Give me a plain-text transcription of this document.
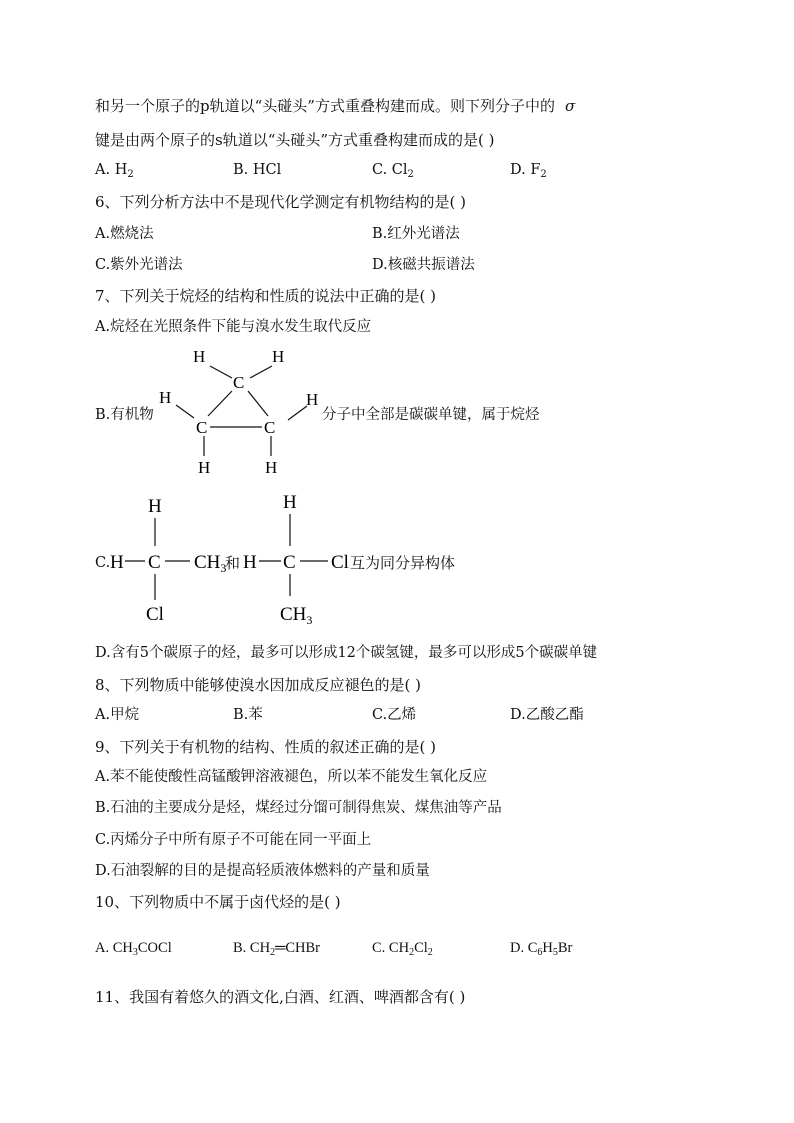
和另一个原子的p轨道以“头碰头”方式重叠构建而成。则下列分子中的 σ
键是由两个原子的s轨道以“头碰头”方式重叠构建而成的是( )
A. $H_2$	B. HCl	C. $Cl_2$	D. $F_2$
6、下列分析方法中不是现代化学测定有机物结构的是( )
A.燃烧法	B.红外光谱法
C.紫外光谱法	D.核磁共振谱法
7、下列关于烷烃的结构和性质的说法中正确的是( )
A.烷烃在光照条件下能与溴水发生取代反应
B.有机物
H	H
C
H	H
C	C
H	H
分子中全部是碳碳单键，属于烷烃
C.
H
H C $CH_3$
Cl
和
H
H C Cl
$CH_3$
互为同分异构体
D.含有5个碳原子的烃，最多可以形成12个碳氢键，最多可以形成5个碳碳单键
8、下列物质中能够使溴水因加成反应褪色的是( )
A.甲烷	B.苯	C.乙烯	D.乙酸乙酯
9、下列关于有机物的结构、性质的叙述正确的是( )
A.苯不能使酸性高锰酸钾溶液褪色，所以苯不能发生氧化反应
B.石油的主要成分是烃，煤经过分馏可制得焦炭、煤焦油等产品
C.丙烯分子中所有原子不可能在同一平面上
D.石油裂解的目的是提高轻质液体燃料的产量和质量
10、下列物质中不属于卤代烃的是( )
A. $CH_3COCl$	B. $CH_2═CHBr$	C. $CH_2Cl_2$	D. $C_6H_5Br$
11、我国有着悠久的酒文化,白酒、红酒、啤酒都含有( )
